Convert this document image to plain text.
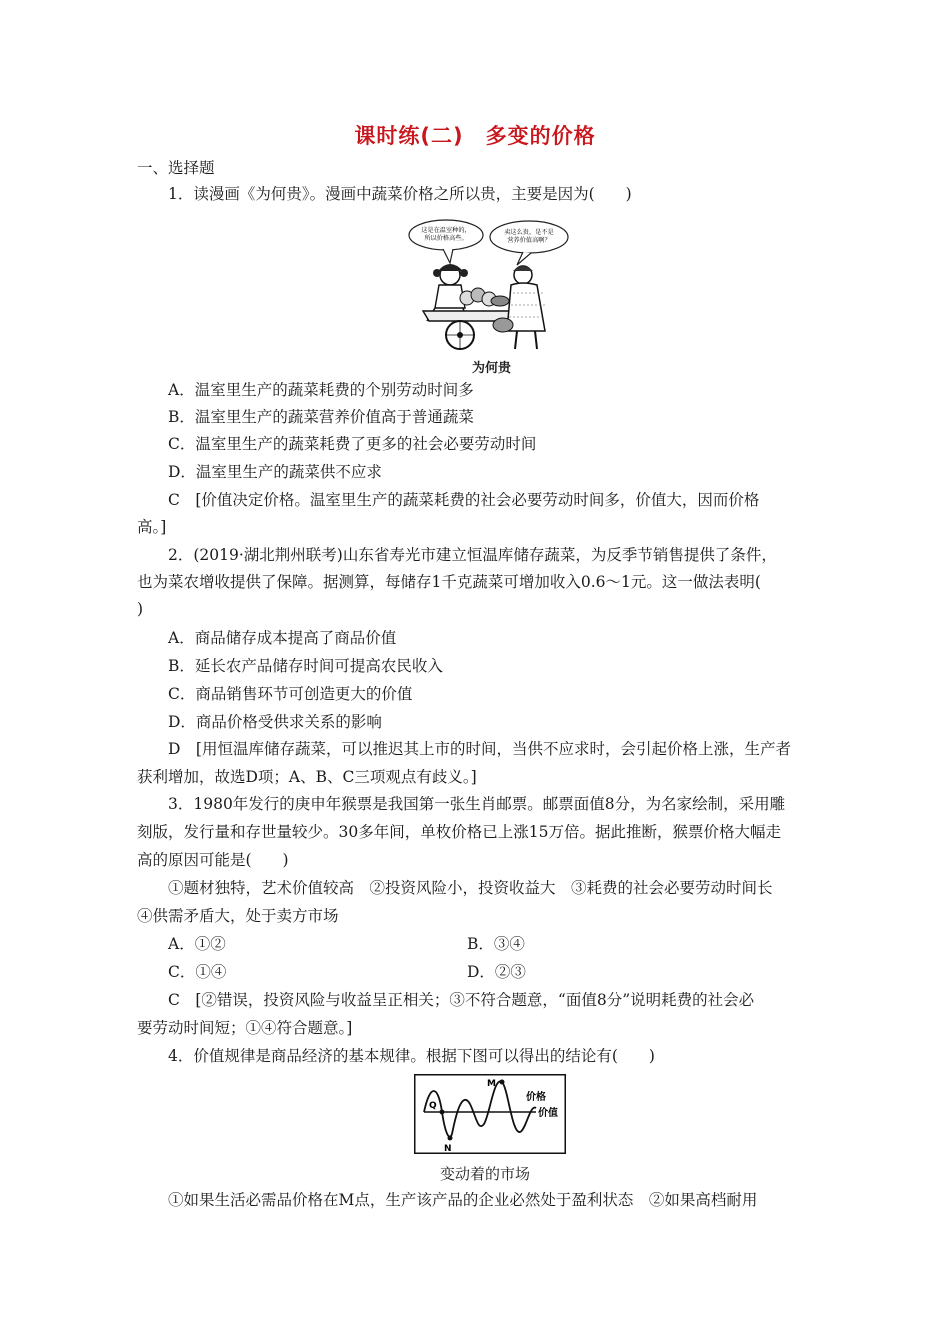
课时练(二)　多变的价格
一、选择题
1．读漫画《为何贵》。漫画中蔬菜价格之所以贵，主要是因为(　　)
这是在温室种的，
所以价格高些。
卖这么贵，是不是
营养价值高啊？
为何贵
A．温室里生产的蔬菜耗费的个别劳动时间多
B．温室里生产的蔬菜营养价值高于普通蔬菜
C．温室里生产的蔬菜耗费了更多的社会必要劳动时间
D．温室里生产的蔬菜供不应求
C　[价值决定价格。温室里生产的蔬菜耗费的社会必要劳动时间多，价值大，因而价格
高。]
2．(2019·湖北荆州联考)山东省寿光市建立恒温库储存蔬菜，为反季节销售提供了条件，
也为菜农增收提供了保障。据测算，每储存1千克蔬菜可增加收入0.6～1元。这一做法表明(
)
A．商品储存成本提高了商品价值
B．延长农产品储存时间可提高农民收入
C．商品销售环节可创造更大的价值
D．商品价格受供求关系的影响
D　[用恒温库储存蔬菜，可以推迟其上市的时间，当供不应求时，会引起价格上涨，生产者
获利增加，故选D项；A、B、C三项观点有歧义。]
3．1980年发行的庚申年猴票是我国第一张生肖邮票。邮票面值8分，为名家绘制，采用雕
刻版，发行量和存世量较少。30多年间，单枚价格已上涨15万倍。据此推断，猴票价格大幅走
高的原因可能是(　　)
①题材独特，艺术价值较高　②投资风险小，投资收益大　③耗费的社会必要劳动时间长
④供需矛盾大，处于卖方市场
A．①②	B．③④
C．①④	D．②③
C　[②错误，投资风险与收益呈正相关；③不符合题意，“面值8分”说明耗费的社会必
要劳动时间短；①④符合题意。]
4．价值规律是商品经济的基本规律。根据下图可以得出的结论有(　　)
M
Q
N
价格
价值
变动着的市场
①如果生活必需品价格在M点，生产该产品的企业必然处于盈利状态　②如果高档耐用
